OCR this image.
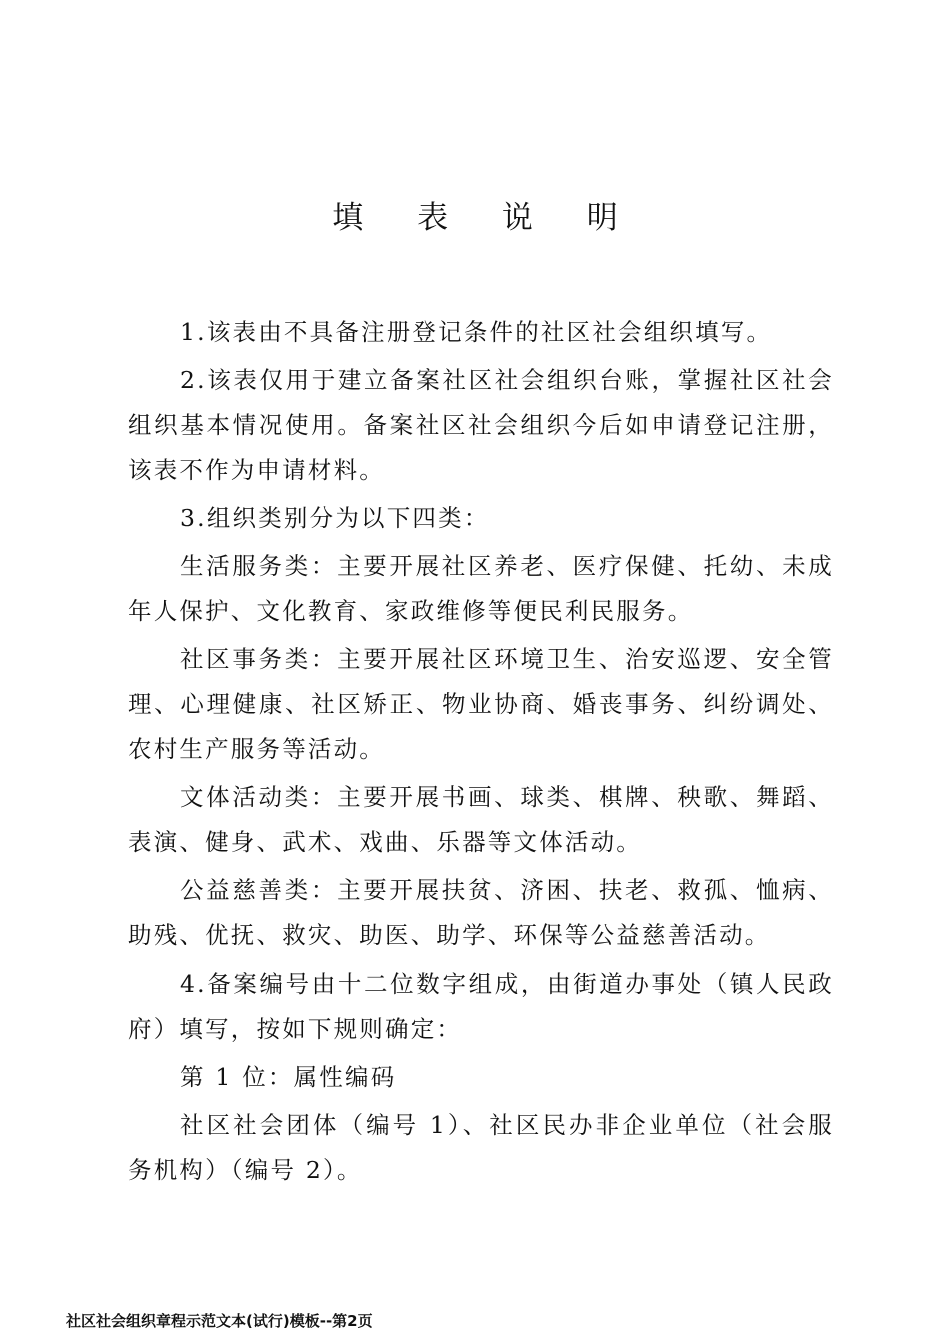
填 表 说 明

1.该表由不具备注册登记条件的社区社会组织填写。

2.该表仅用于建立备案社区社会组织台账，掌握社区社会组织基本情况使用。备案社区社会组织今后如申请登记注册，该表不作为申请材料。

3.组织类别分为以下四类：

生活服务类：主要开展社区养老、医疗保健、托幼、未成年人保护、文化教育、家政维修等便民利民服务。

社区事务类：主要开展社区环境卫生、治安巡逻、安全管理、心理健康、社区矫正、物业协商、婚丧事务、纠纷调处、农村生产服务等活动。

文体活动类：主要开展书画、球类、棋牌、秧歌、舞蹈、表演、健身、武术、戏曲、乐器等文体活动。

公益慈善类：主要开展扶贫、济困、扶老、救孤、恤病、助残、优抚、救灾、助医、助学、环保等公益慈善活动。

4.备案编号由十二位数字组成，由街道办事处（镇人民政府）填写，按如下规则确定：

第 1 位：属性编码

社区社会团体（编号 1）、社区民办非企业单位（社会服务机构）（编号 2）。

社区社会组织章程示范文本(试行)模板--第2页
